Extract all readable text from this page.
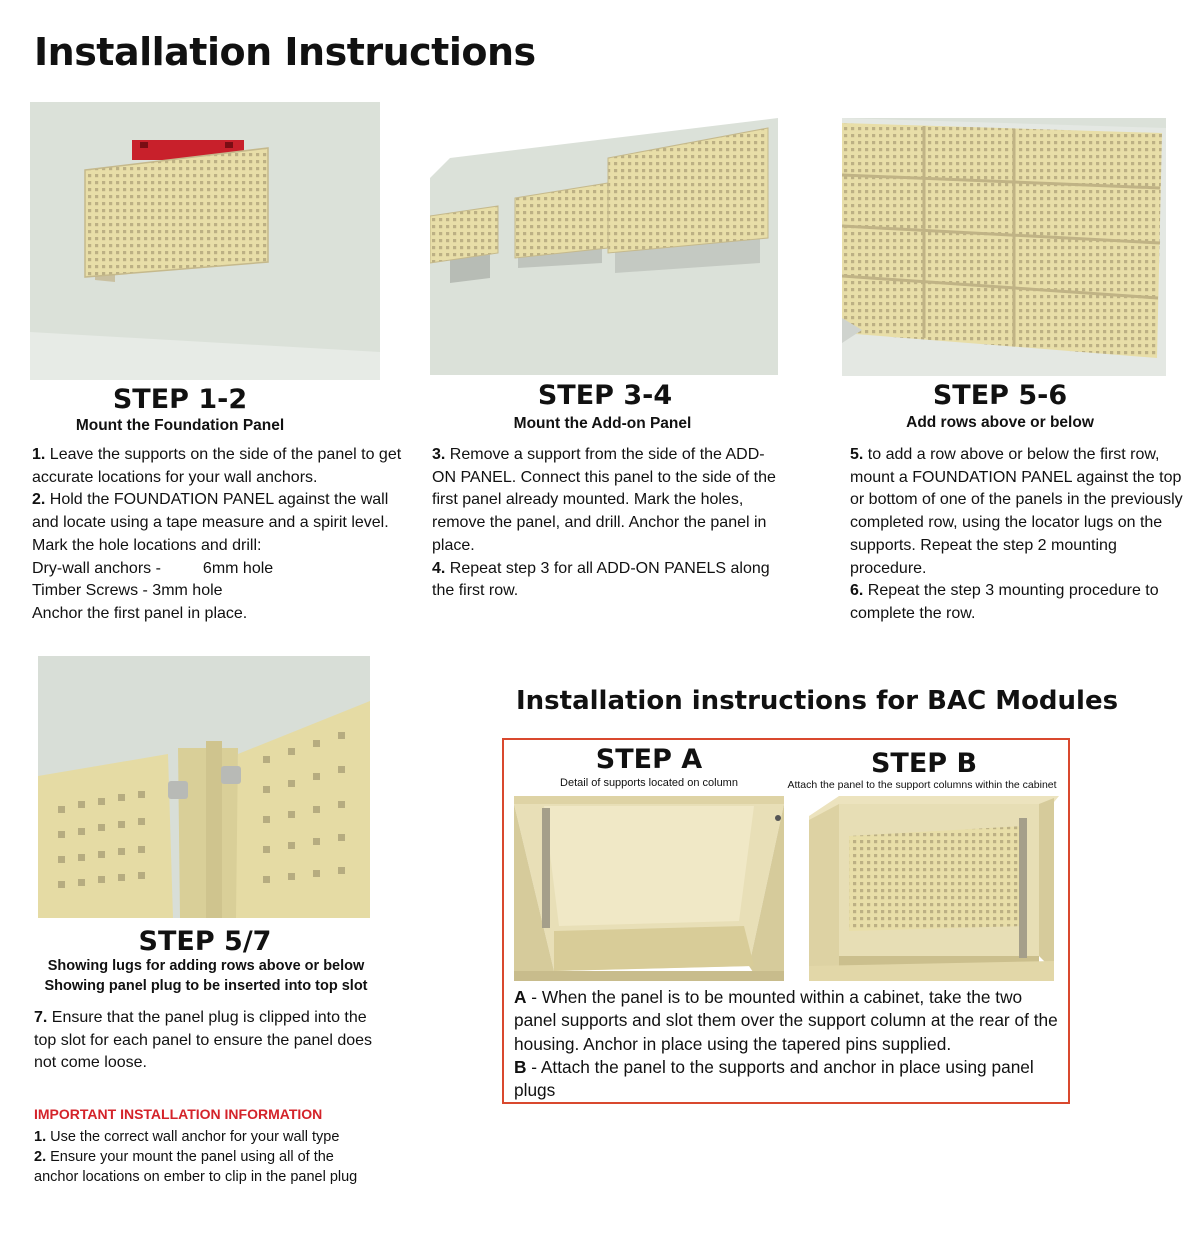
Installation Instructions
STEP 1-2
Mount the Foundation Panel

1. Leave the supports on the side of the panel to get accurate locations for your wall anchors.

2. Hold the FOUNDATION PANEL against the wall and locate using a tape measure and a spirit level. Mark the hole locations and drill:

Dry-wall anchors -	6mm hole

Timber Screws - 3mm hole

Anchor the first panel in place.

STEP 3-4
Mount the Add-on Panel

3. Remove a support from the side of the ADD-ON PANEL. Connect this panel to the side of the first panel already mounted. Mark the holes, remove the panel, and drill. Anchor the panel in place.

4. Repeat step 3 for all ADD-ON PANELS along the first row.

STEP 5-6
Add rows above or below

5. to add a row above or below the first row, mount a FOUNDATION PANEL against the top or bottom of one of the panels in the previously completed row, using the locator lugs on the supports. Repeat the step 2 mounting procedure.

6. Repeat the step 3 mounting procedure to complete the row.

STEP 5/7
Showing lugs for adding rows above or below
Showing panel plug to be inserted into top slot

7. Ensure that the panel plug is clipped into the top slot for each panel to ensure the panel does not come loose.

IMPORTANT INSTALLATION INFORMATION

1. Use the correct wall anchor for your wall type

2. Ensure your mount the panel using all of the anchor locations on ember to clip in the panel plug

Installation instructions for BAC Modules
STEP A
Detail of supports located on column
STEP B
Attach the panel to the support columns within the cabinet

A - When the panel is to be mounted within a cabinet, take the two panel supports and slot them over the support column at the rear of the housing. Anchor in place using the tapered pins supplied.

B - Attach the panel to the supports and anchor in place using panel plugs
